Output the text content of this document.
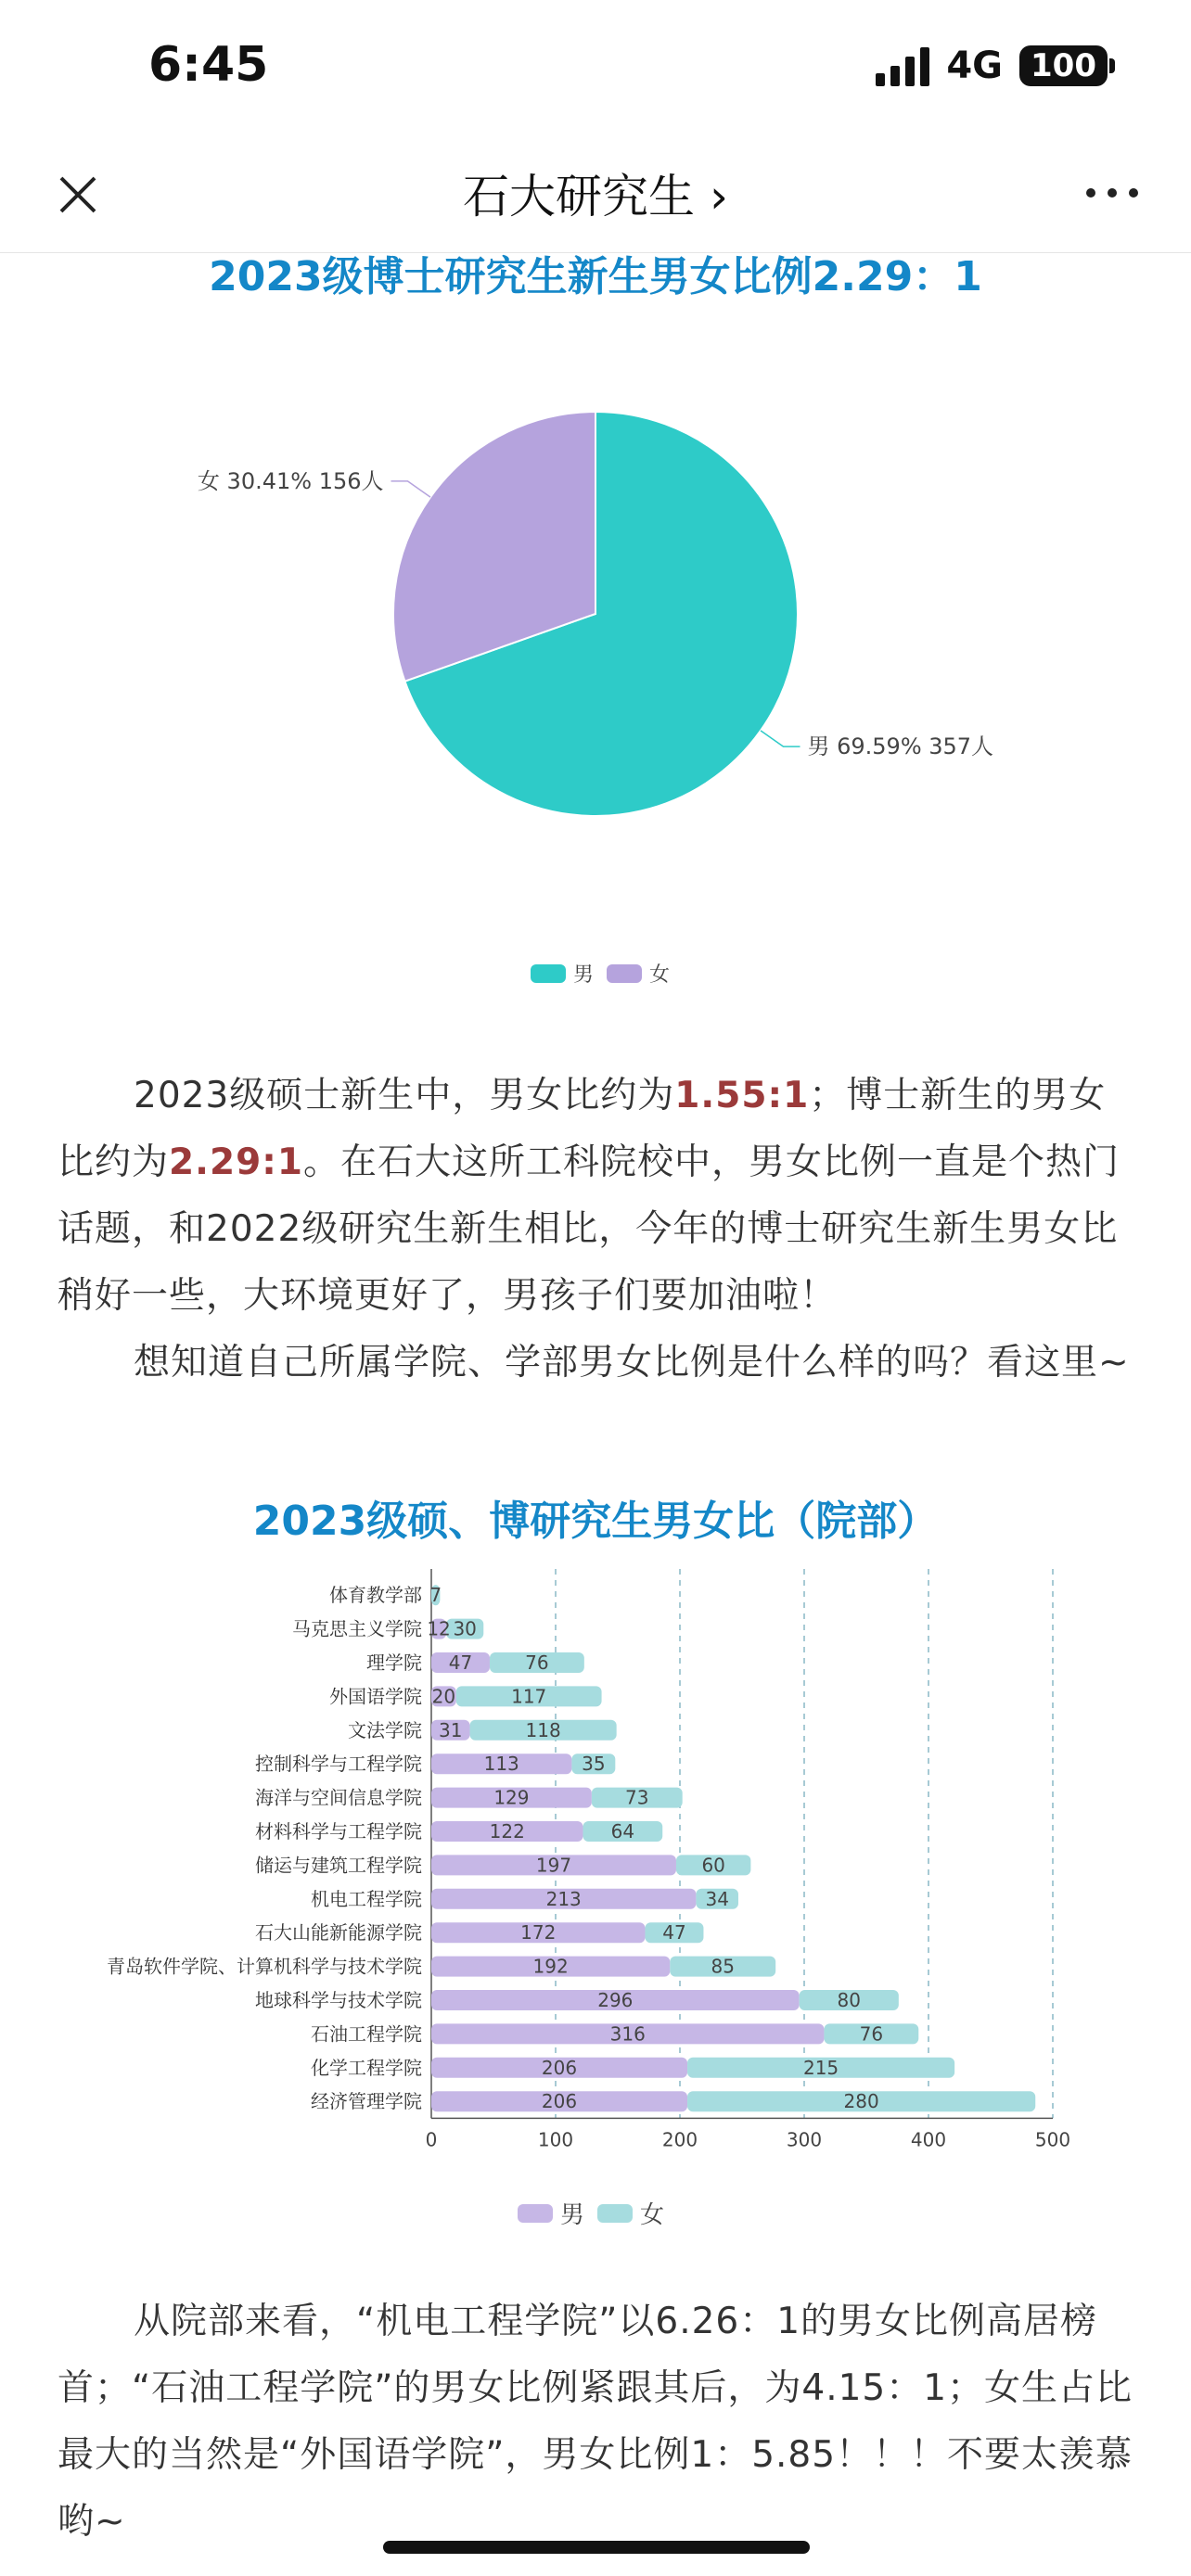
6:45	4G 100
石大研究生 ›
2023级博士研究生新生男女比例2.29：1
男 69.59% 357人
女 30.41% 156人
男	女
2023级硕士新生中，男女比约为1.55:1；博士新生的男女比约为2.29:1。在石大这所工科院校中，男女比例一直是个热门话题，和2022级研究生新生相比，今年的博士研究生新生男女比稍好一些，大环境更好了，男孩子们要加油啦！
想知道自己所属学院、学部男女比例是什么样的吗？看这里~
2023级硕、博研究生男女比（院部）
0	100	200	300	400	500
体育教学部 7
马克思主义学院 12 30
理学院 47	76
外国语学院 20	117
文法学院 31	118
控制科学与工程学院	113	35
海洋与空间信息学院	129	73
材料科学与工程学院	122	64
储运与建筑工程学院	197	60
机电工程学院	213	34
石大山能新能源学院	172	47
青岛软件学院、计算机科学与技术学院	192	85
地球科学与技术学院	296	80
石油工程学院	316	76
化学工程学院	206	215
经济管理学院	206	280
男 女
从院部来看，“机电工程学院”以6.26：1的男女比例高居榜首；“石油工程学院”的男女比例紧跟其后，为4.15：1；女生占比最大的当然是“外国语学院”，男女比例1：5.85！！！不要太羡慕哟~
